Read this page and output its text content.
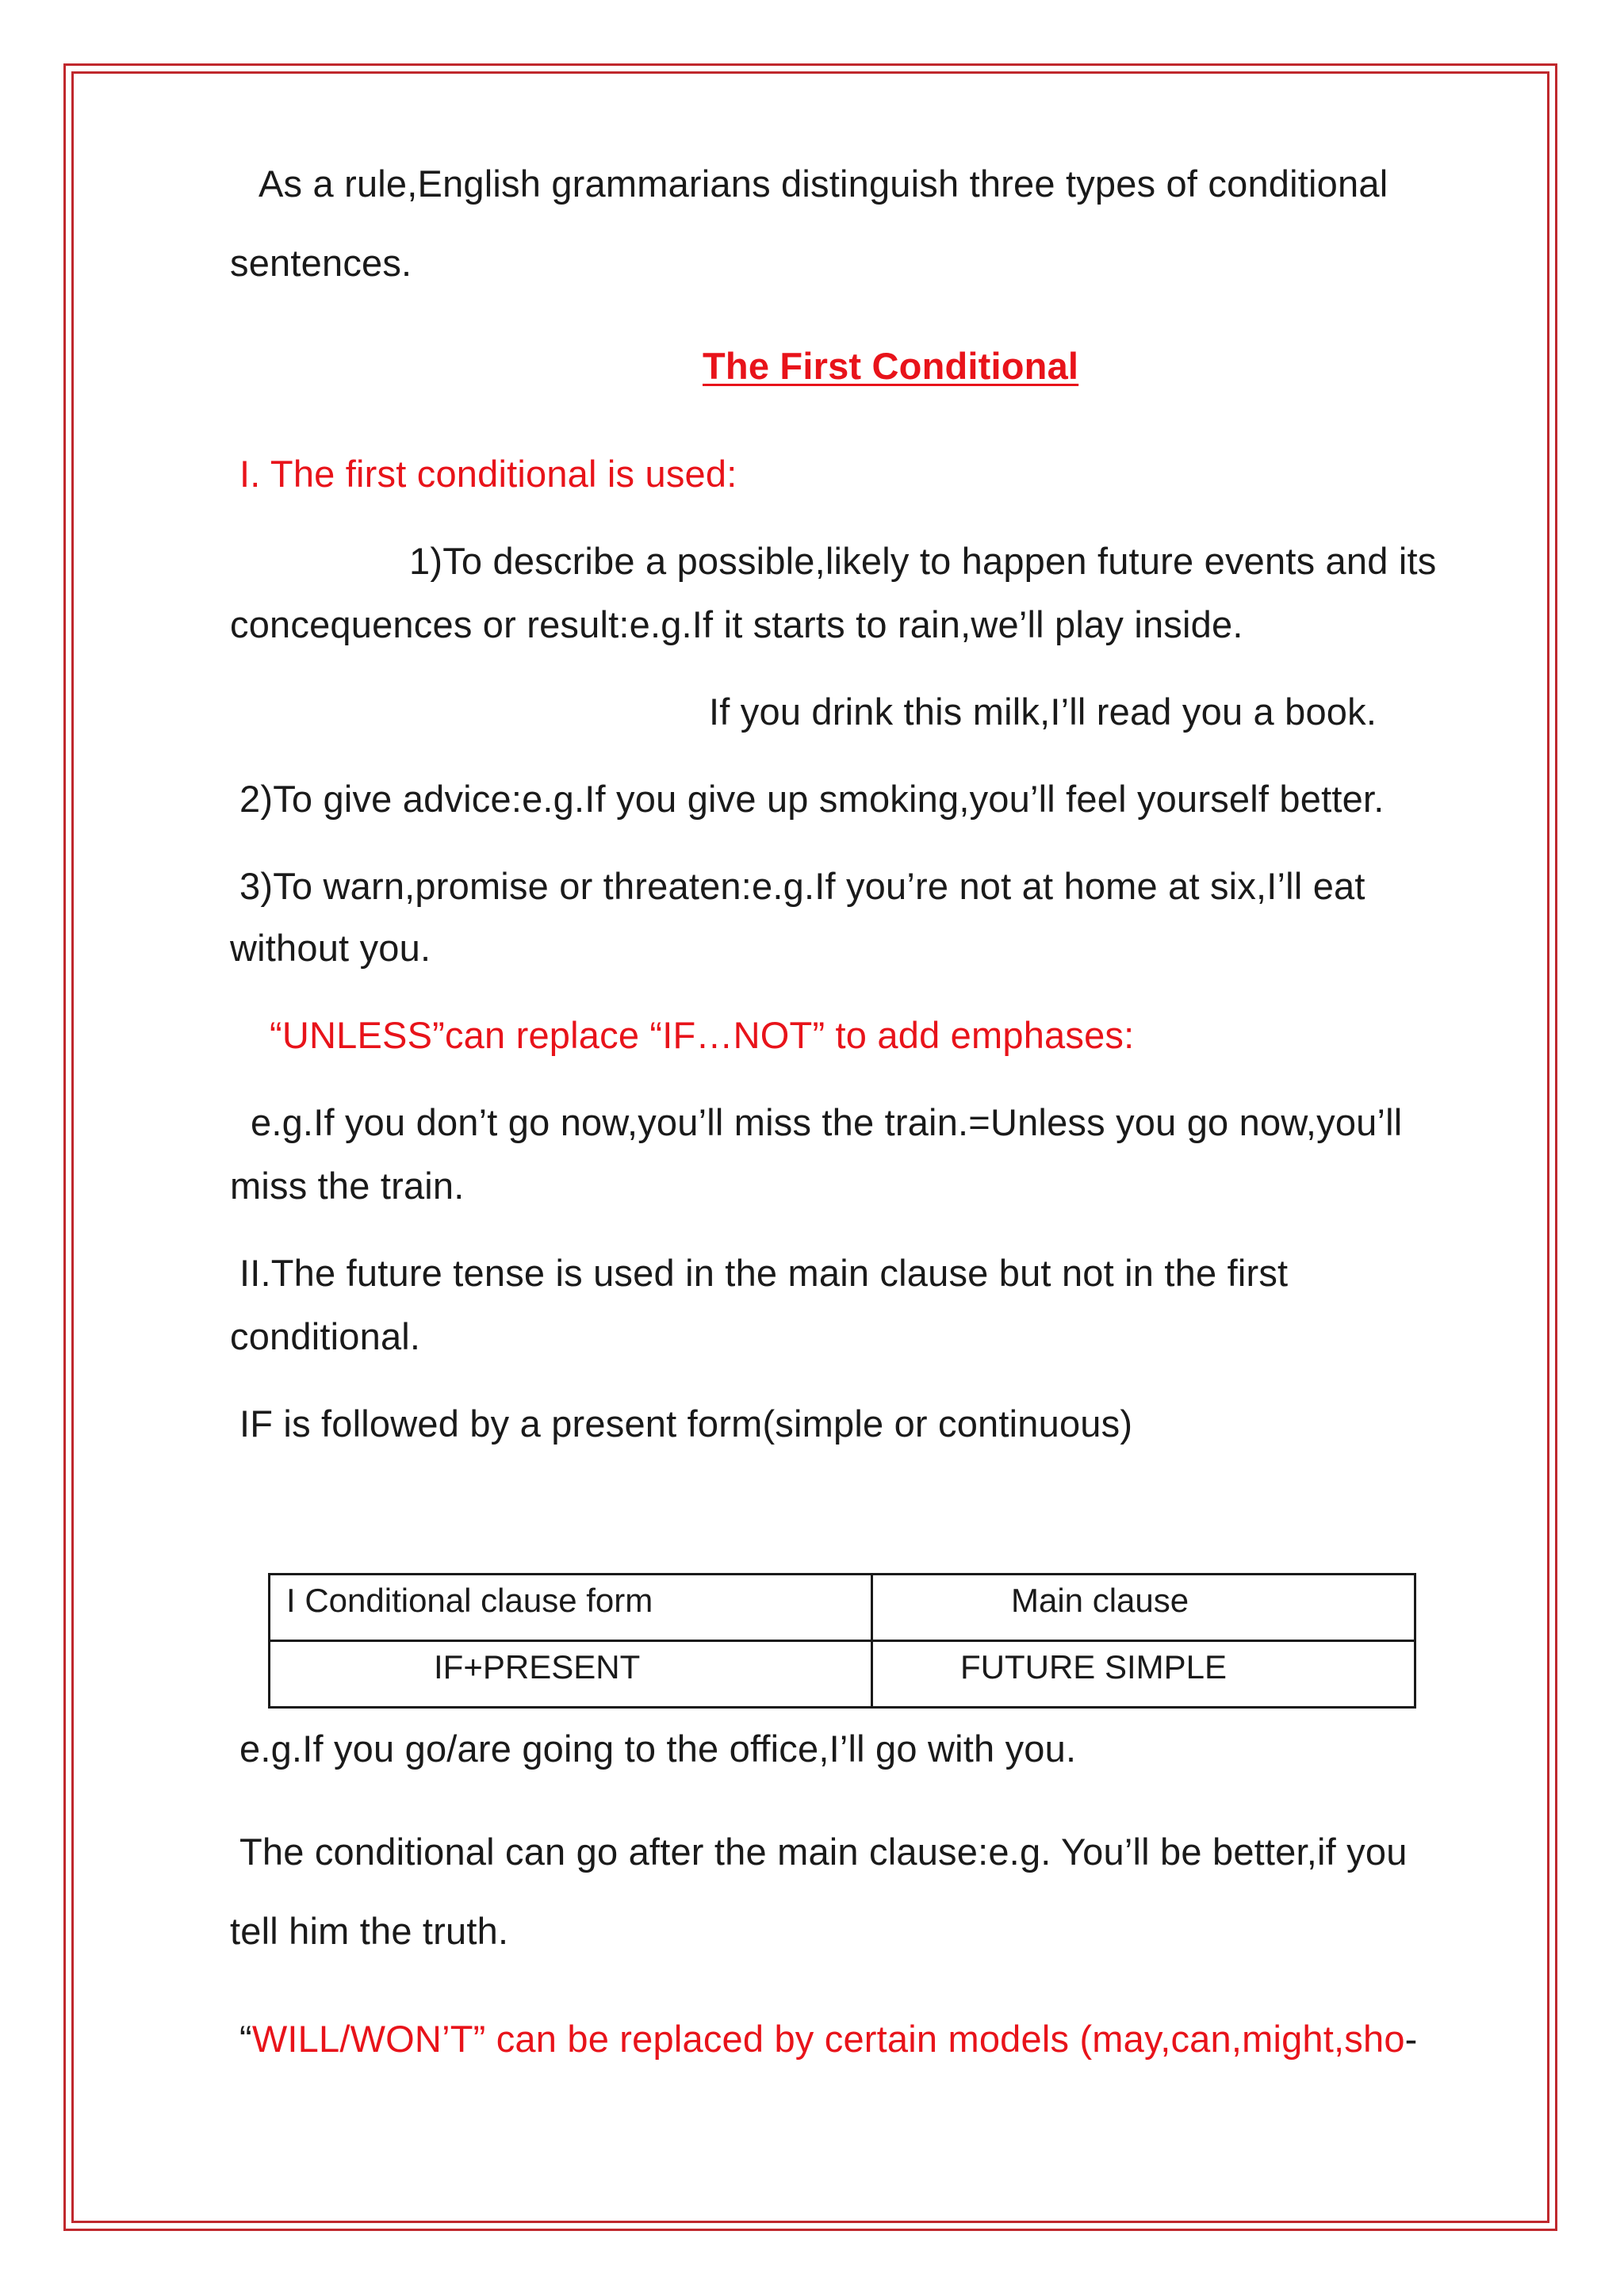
As a rule,English grammarians distinguish three types of conditional
sentences.
The First Conditional
I. The first conditional is used:
1)To describe a possible,likely to happen future events and its
concequences or result:e.g.If it starts to rain,we’ll play inside.
If you drink this milk,I’ll read you a book.
2)To give advice:e.g.If you give up smoking,you’ll feel yourself better.
3)To warn,promise or threaten:e.g.If you’re not at home at six,I’ll eat
without you.
“UNLESS”can replace “IF…NOT” to add emphases:
e.g.If you don’t go now,you’ll miss the train.=Unless you go now,you’ll
miss the train.
II.The future tense is used in the main clause but not in the first
conditional.
IF is followed by a present form(simple or continuous)
I Conditional clause form	Main clause
IF+PRESENT	FUTURE SIMPLE
e.g.If you go/are going to the office,I’ll go with you.
The conditional can go after the main clause:e.g. You’ll be better,if you
tell him the truth.
“WILL/WON’T” can be replaced by certain models (may,can,might,sho-
